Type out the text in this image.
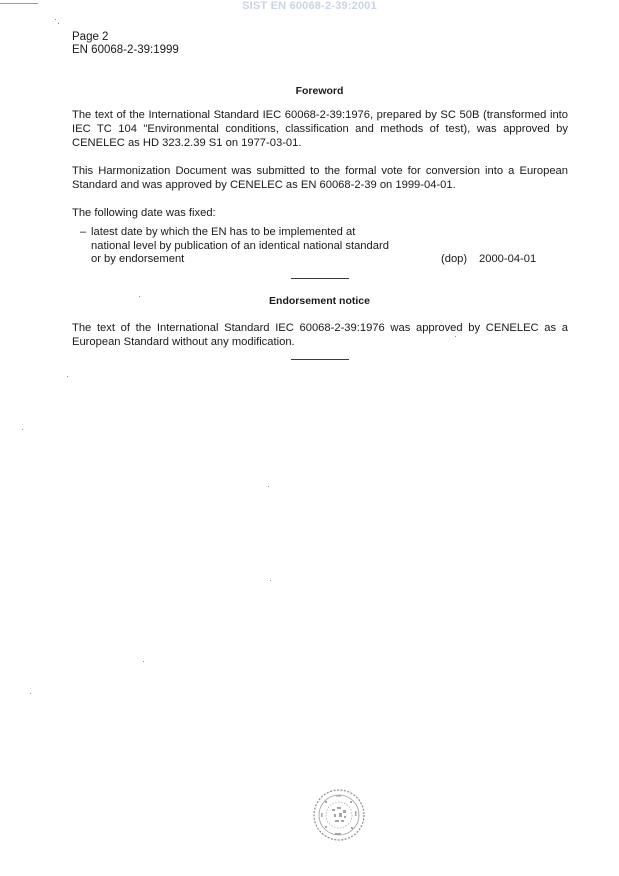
SIST EN 60068-2-39:2001
Page 2
EN 60068-2-39:1999
Foreword
The text of the International Standard IEC 60068-2-39:1976, prepared by SC 50B (transformed into IEC TC 104 "Environmental conditions, classification and methods of test), was approved by CENELEC as HD 323.2.39 S1 on 1977-03-01.
This Harmonization Document was submitted to the formal vote for conversion into a European Standard and was approved by CENELEC as EN 60068-2-39 on 1999-04-01.
The following date was fixed:
– latest date by which the EN has to be implemented at national level by publication of an identical national standard or by endorsement	(dop) 2000-04-01
Endorsement notice
The text of the International Standard IEC 60068-2-39:1976 was approved by CENELEC as a European Standard without any modification.
